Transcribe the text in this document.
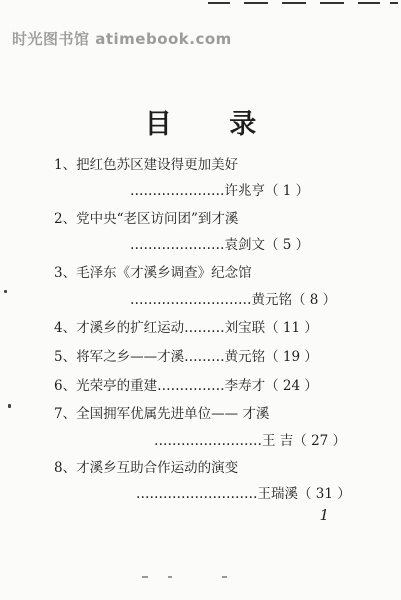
时光图书馆 atimebook.com
目 录
1、把红色苏区建设得更加美好
…………………许兆亨（ 1 ）
2、党中央“老区访问团”到才溪
…………………袁剑文（ 5 ）
3、毛泽东《才溪乡调查》纪念馆
………………………黄元铭（ 8 ）
4、才溪乡的扩红运动………刘宝联（ 11 ）
5、将军之乡——才溪………黄元铭（ 19 ）
6、光荣亭的重建……………李寿才（ 24 ）
7、全国拥军优属先进单位—— 才溪
……………………王 吉（ 27 ）
8、才溪乡互助合作运动的演变
………………………王瑞溪（ 31 ）
1
